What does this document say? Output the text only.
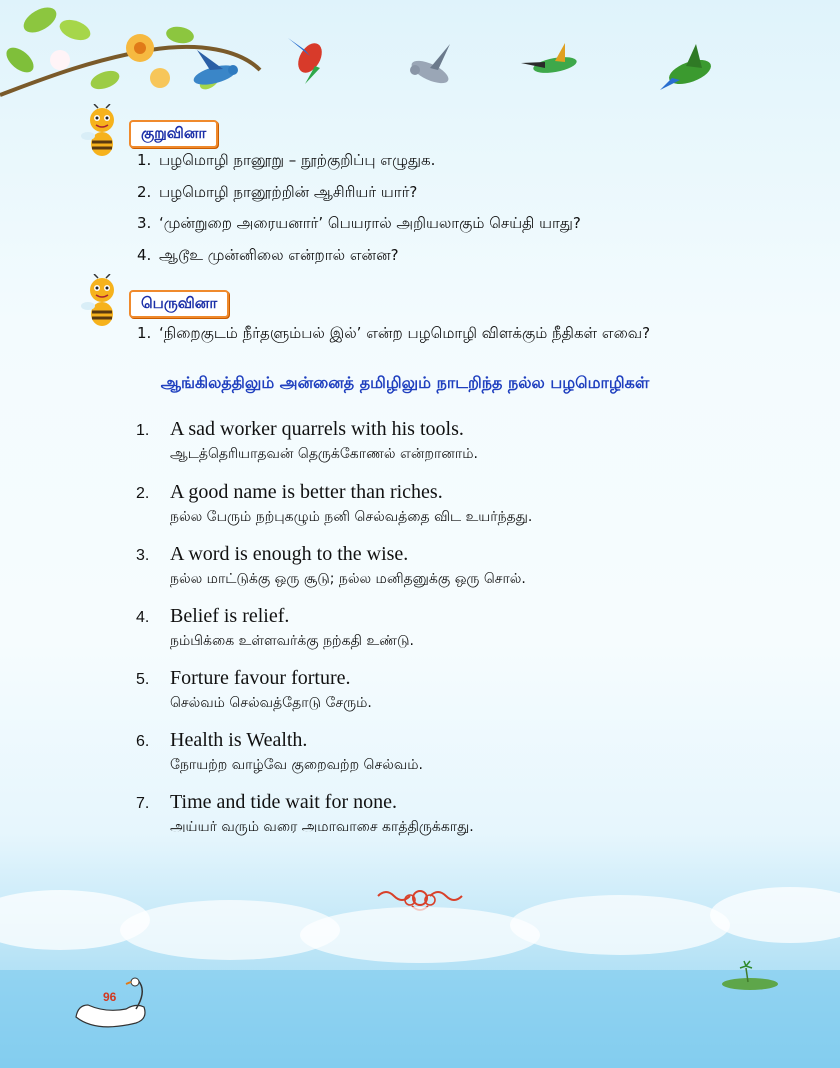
குறுவினா
1. பழமொழி நானூறு – நூற்குறிப்பு எழுதுக.
2. பழமொழி நானூற்றின் ஆசிரியர் யார்?
3. ‘முன்றுறை அரையனார்’ பெயரால் அறியலாகும் செய்தி யாது?
4. ஆடூஉ முன்னிலை என்றால் என்ன?
பெருவினா
1. ‘நிறைகுடம் நீர்தளும்பல் இல்’ என்ற பழமொழி விளக்கும் நீதிகள் எவை?
ஆங்கிலத்திலும் அன்னைத் தமிழிலும் நாடறிந்த நல்ல பழமொழிகள்
1. A sad worker quarrels with his tools.
ஆடத்தெரியாதவன் தெருக்கோணல் என்றானாம்.
2. A good name is better than riches.
நல்ல பேரும் நற்புகழும் நனி செல்வத்தை விட உயர்ந்தது.
3. A word is enough to the wise.
நல்ல மாட்டுக்கு ஒரு சூடு; நல்ல மனிதனுக்கு ஒரு சொல்.
4. Belief is relief.
நம்பிக்கை உள்ளவர்க்கு நற்கதி உண்டு.
5. Forture favour forture.
செல்வம் செல்வத்தோடு சேரும்.
6. Health is Wealth.
நோயற்ற வாழ்வே குறைவற்ற செல்வம்.
7. Time and tide wait for none.
அய்யர் வரும் வரை அமாவாசை காத்திருக்காது.
96
